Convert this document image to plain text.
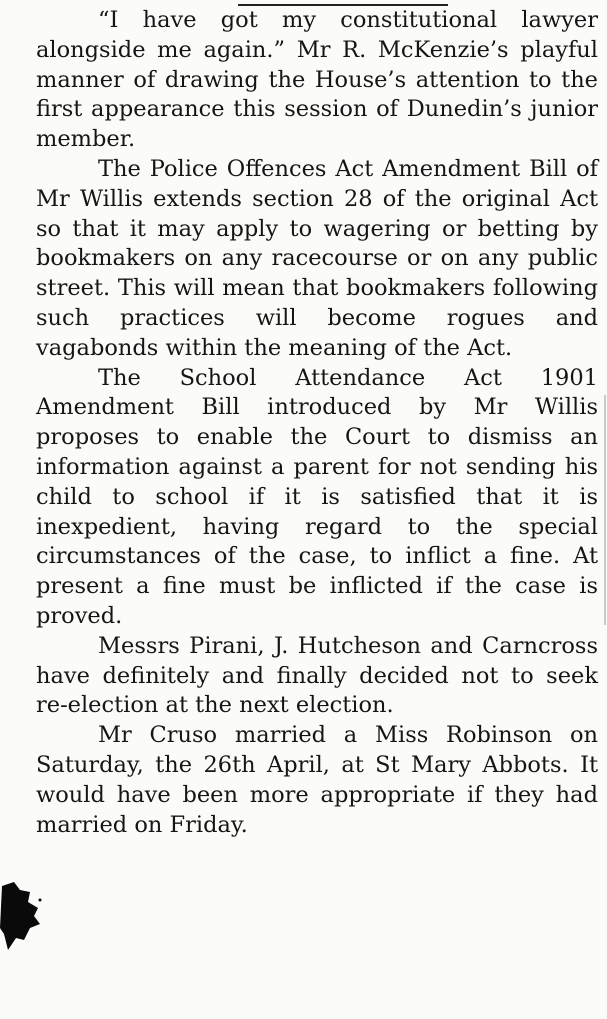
“I have got my constitutional lawyer alongside me again.” Mr R. McKenzie’s playful manner of drawing the House’s attention to the first appearance this session of Dunedin’s junior member.

The Police Offences Act Amendment Bill of Mr Willis extends section 28 of the original Act so that it may apply to wagering or betting by bookmakers on any racecourse or on any public street. This will mean that bookmakers following such practices will become rogues and vagabonds within the meaning of the Act.

The School Attendance Act 1901 Amendment Bill introduced by Mr Willis proposes to enable the Court to dismiss an information against a parent for not sending his child to school if it is satisfied that it is inexpedient, having regard to the special circumstances of the case, to inflict a fine. At present a fine must be inflicted if the case is proved.

Messrs Pirani, J. Hutcheson and Carncross have definitely and finally decided not to seek re-election at the next election.

Mr Cruso married a Miss Robinson on Saturday, the 26th April, at St Mary Abbots. It would have been more appropriate if they had married on Friday.
